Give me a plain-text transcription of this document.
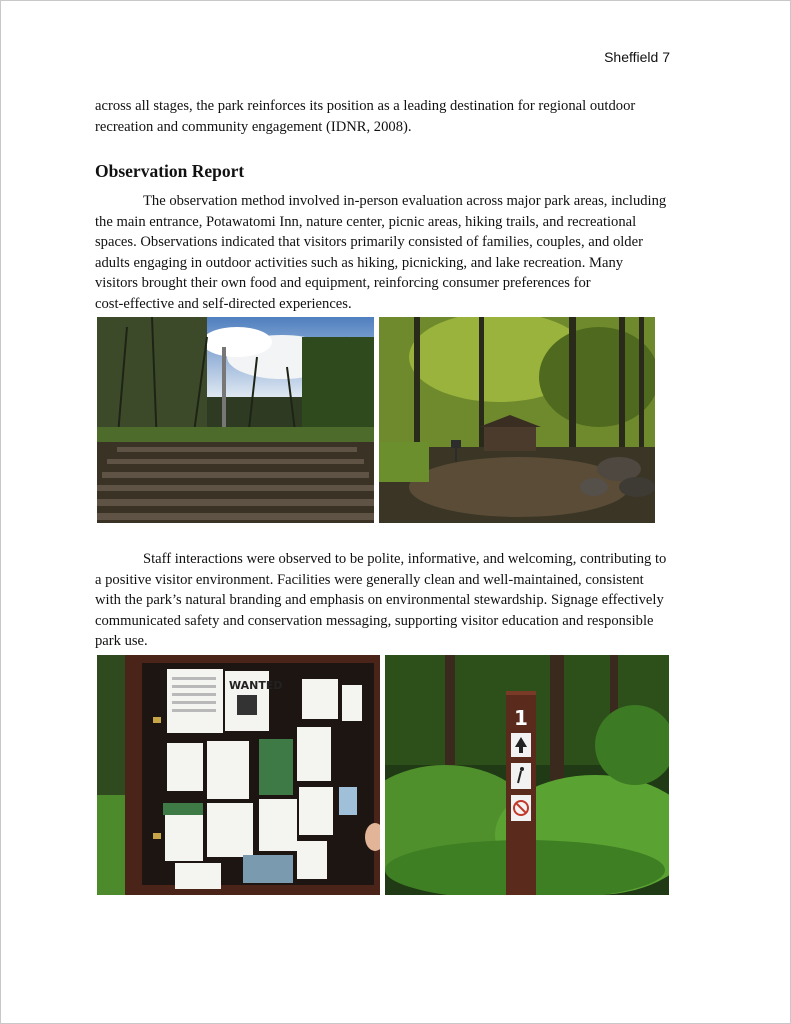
Sheffield 7

across all stages, the park reinforces its position as a leading destination for regional outdoor
recreation and community engagement (IDNR, 2008).

Observation Report

The observation method involved in-person evaluation across major park areas, including
the main entrance, Potawatomi Inn, nature center, picnic areas, hiking trails, and recreational
spaces. Observations indicated that visitors primarily consisted of families, couples, and older
adults engaging in outdoor activities such as hiking, picnicking, and lake recreation. Many
visitors brought their own food and equipment, reinforcing consumer preferences for
cost-effective and self-directed experiences.

Staff interactions were observed to be polite, informative, and welcoming, contributing to
a positive visitor environment. Facilities were generally clean and well-maintained, consistent
with the park’s natural branding and emphasis on environmental stewardship. Signage effectively
communicated safety and conservation messaging, supporting visitor education and responsible
park use.

WANTED
1
